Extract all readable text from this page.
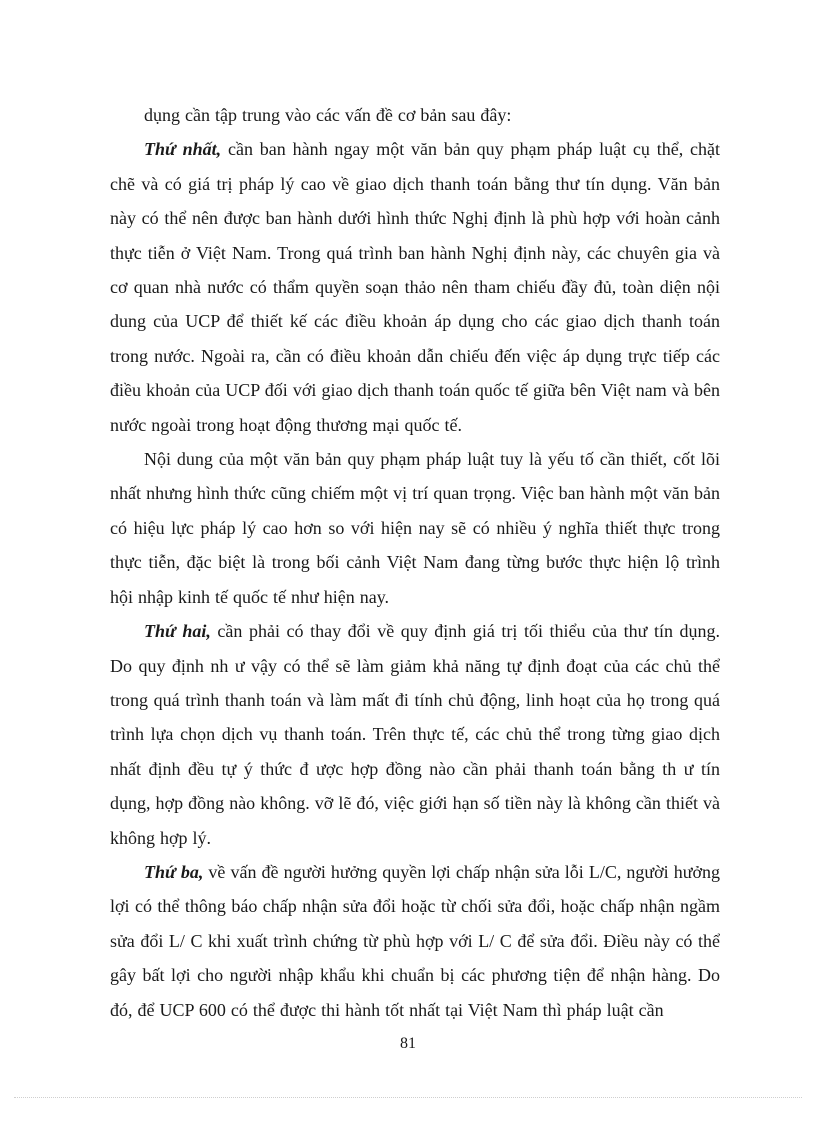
dụng cần tập trung vào các vấn đề cơ bản sau đây:

Thứ nhất, cần ban hành ngay một văn bản quy phạm pháp luật cụ thể, chặt chẽ và có giá trị pháp lý cao về giao dịch thanh toán bằng thư tín dụng. Văn bản này có thể nên được ban hành dưới hình thức Nghị định là phù hợp với hoàn cảnh thực tiễn ở Việt Nam. Trong quá trình ban hành Nghị định này, các chuyên gia và cơ quan nhà nước có thẩm quyền soạn thảo nên tham chiếu đầy đủ, toàn diện nội dung của UCP để thiết kế các điều khoản áp dụng cho các giao dịch thanh toán trong nước. Ngoài ra, cần có điều khoản dẫn chiếu đến việc áp dụng trực tiếp các điều khoản của UCP đối với giao dịch thanh toán quốc tế giữa bên Việt nam và bên nước ngoài trong hoạt động thương mại quốc tế.

Nội dung của một văn bản quy phạm pháp luật tuy là yếu tố cần thiết, cốt lõi nhất nhưng hình thức cũng chiếm một vị trí quan trọng. Việc ban hành một văn bản có hiệu lực pháp lý cao hơn so với hiện nay sẽ có nhiều ý nghĩa thiết thực trong thực tiễn, đặc biệt là trong bối cảnh Việt Nam đang từng bước thực hiện lộ trình hội nhập kinh tế quốc tế như hiện nay.

Thứ hai, cần phải có thay đổi về quy định giá trị tối thiểu của thư tín dụng. Do quy định nh ư vậy có thể sẽ làm giảm khả năng tự định đoạt của các chủ thể trong quá trình thanh toán và làm mất đi tính chủ động, linh hoạt của họ trong quá trình lựa chọn dịch vụ thanh toán. Trên thực tế, các chủ thể trong từng giao dịch nhất định đều tự ý thức đ ược hợp đồng nào cần phải thanh toán bằng th ư tín dụng, hợp đồng nào không. vỡ lẽ đó, việc giới hạn số tiền này là không cần thiết và không hợp lý.

Thứ ba, về vấn đề người hưởng quyền lợi chấp nhận sửa lỗi L/C, người hưởng lợi có thể thông báo chấp nhận sửa đổi hoặc từ chối sửa đổi, hoặc chấp nhận ngầm sửa đổi L/ C khi xuất trình chứng từ phù hợp với L/ C để sửa đổi. Điều này có thể gây bất lợi cho người nhập khẩu khi chuẩn bị các phương tiện để nhận hàng. Do đó, để UCP 600 có thể được thi hành tốt nhất tại Việt Nam thì pháp luật cần

81
